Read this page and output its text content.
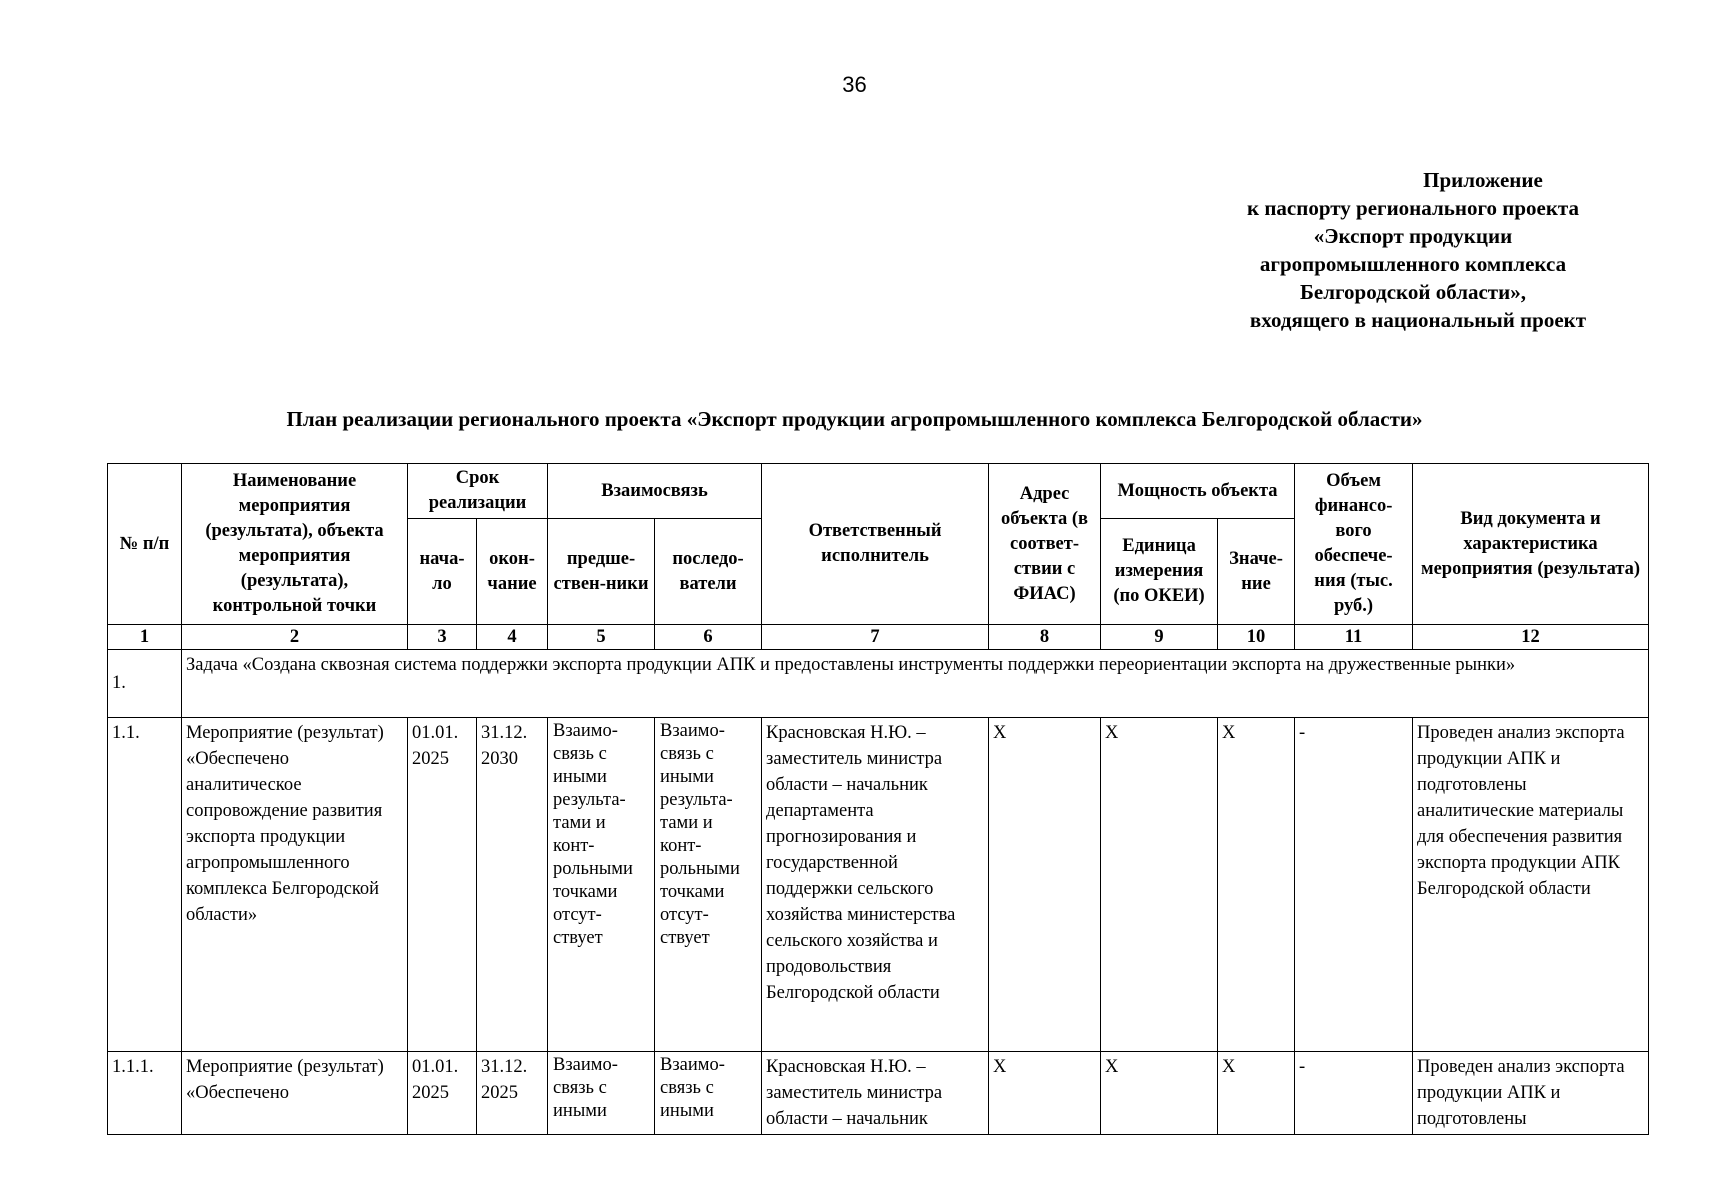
36
Приложение
к паспорту регионального проекта
«Экспорт продукции
агропромышленного комплекса
Белгородской области»,
входящего в национальный проект
План реализации регионального проекта «Экспорт продукции агропромышленного комплекса Белгородской области»
№ п/п	Наименование мероприятия (результата), объекта мероприятия (результата), контрольной точки	Срок реализации		Взаимосвязь		Ответственный исполнитель	Адрес объекта (в соответ-ствии с ФИАС)	Мощность объекта		Объем финансо-вого обеспече-ния (тыс. руб.)	Вид документа и характеристика мероприятия (результата)
		нача-ло	окон-чание	предше-ствен-ники	последо-ватели			Единица измерения (по ОКЕИ)	Значе-ние		
1	2	3	4	5	6	7	8	9	10	11	12
1.	Задача «Создана сквозная система поддержки экспорта продукции АПК и предоставлены инструменты поддержки переориентации экспорта на дружественные рынки»										
1.1.	Мероприятие (результат) «Обеспечено аналитическое сопровождение развития экспорта продукции агропромышленного комплекса Белгородской области»	01.01. 2025	31.12. 2030	Взаимо-связь с иными результа-тами и конт-рольными точками отсут-ствует	Взаимо-связь с иными результа-тами и конт-рольными точками отсут-ствует	Красновская Н.Ю. – заместитель министра области – начальник департамента прогнозирования и государственной поддержки сельского хозяйства министерства сельского хозяйства и продовольствия Белгородской области	X	X	X	-	Проведен анализ экспорта продукции АПК и подготовлены аналитические материалы для обеспечения развития экспорта продукции АПК Белгородской области
1.1.1.	Мероприятие (результат) «Обеспечено	01.01. 2025	31.12. 2025	Взаимо-связь с иными	Взаимо-связь с иными	Красновская Н.Ю. – заместитель министра области – начальник	X	X	X	-	Проведен анализ экспорта продукции АПК и подготовлены
